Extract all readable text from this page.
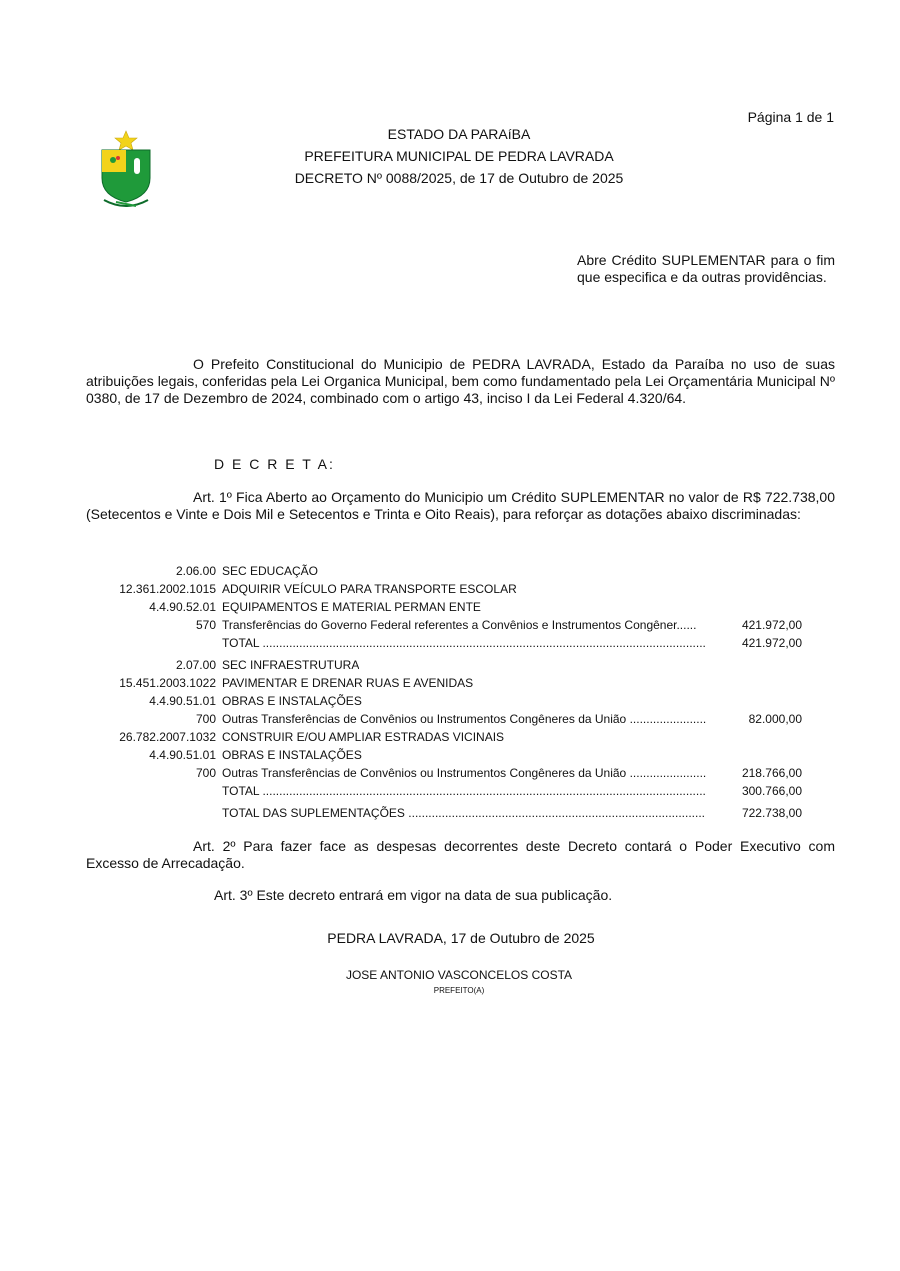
Página 1 de 1
ESTADO DA PARAíBA
PREFEITURA MUNICIPAL DE PEDRA LAVRADA
DECRETO Nº 0088/2025, de 17 de Outubro de 2025
Abre Crédito SUPLEMENTAR para o fim que especifica e da outras providências.
O Prefeito Constitucional do Municipio de PEDRA LAVRADA, Estado da Paraíba no uso de suas atribuições legais, conferidas pela Lei Organica Municipal, bem como fundamentado pela Lei Orçamentária Municipal Nº 0380, de 17 de Dezembro de 2024, combinado com o artigo 43, inciso I da Lei Federal 4.320/64.
D E C R E T A:
Art. 1º Fica Aberto ao Orçamento do Municipio um Crédito SUPLEMENTAR no valor de R$ 722.738,00 (Setecentos e Vinte e Dois Mil e Setecentos e Trinta e Oito Reais), para reforçar as dotações abaixo discriminadas:
2.06.00 SEC EDUCAÇÃO
12.361.2002.1015 ADQUIRIR VEÍCULO PARA TRANSPORTE ESCOLAR
4.4.90.52.01 EQUIPAMENTOS E MATERIAL PERMAN ENTE
570 Transferências do Governo Federal referentes a Convênios e Instrumentos Congêner......	421.972,00
TOTAL .....	421.972,00
2.07.00 SEC INFRAESTRUTURA
15.451.2003.1022 PAVIMENTAR E DRENAR RUAS E AVENIDAS
4.4.90.51.01 OBRAS E INSTALAÇÕES
700 Outras Transferências de Convênios ou Instrumentos Congêneres da União .....	82.000,00
26.782.2007.1032 CONSTRUIR E/OU AMPLIAR ESTRADAS VICINAIS
4.4.90.51.01 OBRAS E INSTALAÇÕES
700 Outras Transferências de Convênios ou Instrumentos Congêneres da União .....	218.766,00
TOTAL .....	300.766,00
TOTAL DAS SUPLEMENTAÇÕES .....	722.738,00
Art. 2º Para fazer face as despesas decorrentes deste Decreto contará o Poder Executivo com Excesso de Arrecadação.
Art. 3º Este decreto entrará em vigor na data de sua publicação.
PEDRA LAVRADA, 17 de Outubro de 2025
JOSE ANTONIO VASCONCELOS COSTA
PREFEITO(A)
